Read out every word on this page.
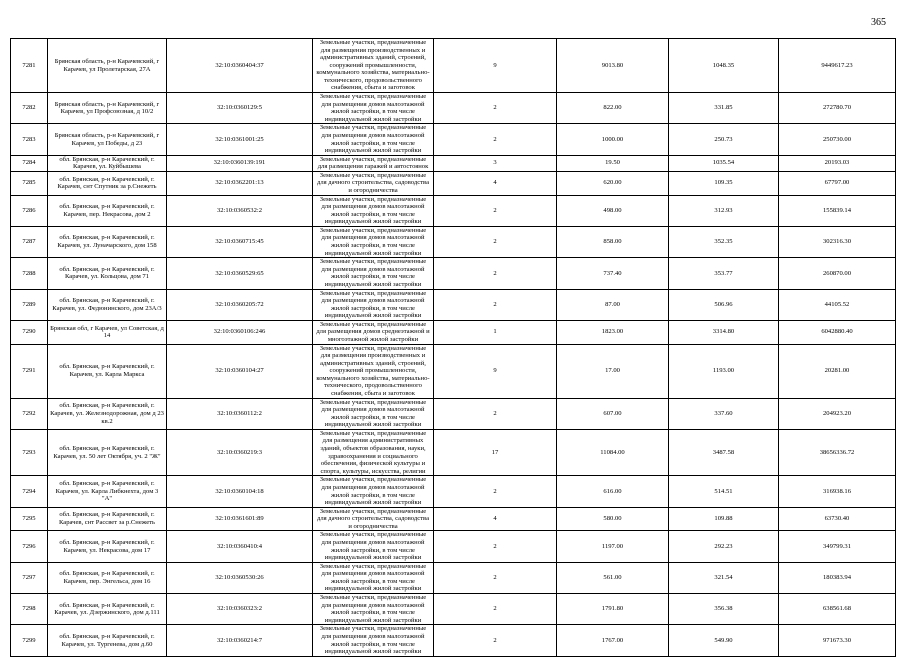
365
7281	Брянская область, р-н Карачевский, г Карачев, ул Пролетарская, 27А	32:10:0360404:37	Земельные участки, предназначенные для размещения производственных и административных зданий, строений, сооружений промышленности, коммунального хозяйства, материально-технического, продовольственного снабжения, сбыта и заготовок	9	9013.80	1048.35	9449617.23
7282	Брянская область, р-н Карачевский, г Карачев, ул Профсоюзная, д 10/2	32:10:0360129:5	Земельные участки, предназначенные для размещения домов малоэтажной жилой застройки, в том числе индивидуальной жилой застройки	2	822.00	331.85	272780.70
7283	Брянская область, р-н Карачевский, г Карачев, ул Победы, д 23	32:10:0361001:25	Земельные участки, предназначенные для размещения домов малоэтажной жилой застройки, в том числе индивидуальной жилой застройки	2	1000.00	250.73	250730.00
7284	обл. Брянская, р-н Карачевский, г. Карачев, ул. Куйбышева	32:10:0360139:191	Земельные участки, предназначенные для размещения гаражей и автостоянок	3	19.50	1035.54	20193.03
7285	обл. Брянская, р-н Карачевский, г. Карачев, снт Спутник за р.Снежеть	32:10:0362201:13	Земельные участки, предназначенные для дачного строительства, садоводства и огородничества	4	620.00	109.35	67797.00
7286	обл. Брянская, р-н Карачевский, г. Карачев, пер. Некрасова, дом 2	32:10:0360532:2	Земельные участки, предназначенные для размещения домов малоэтажной жилой застройки, в том числе индивидуальной жилой застройки	2	498.00	312.93	155839.14
7287	обл. Брянская, р-н Карачевский, г. Карачев, ул. Луначарского, дом 158	32:10:0360715:45	Земельные участки, предназначенные для размещения домов малоэтажной жилой застройки, в том числе индивидуальной жилой застройки	2	858.00	352.35	302316.30
7288	обл. Брянская, р-н Карачевский, г. Карачев, ул. Кольцова, дом 71	32:10:0360529:65	Земельные участки, предназначенные для размещения домов малоэтажной жилой застройки, в том числе индивидуальной жилой застройки	2	737.40	353.77	260870.00
7289	обл. Брянская, р-н Карачевский, г. Карачев, ул. Федюнинского, дом 23А/3	32:10:0360205:72	Земельные участки, предназначенные для размещения домов малоэтажной жилой застройки, в том числе индивидуальной жилой застройки	2	87.00	506.96	44105.52
7290	Брянская обл, г Карачев, ул Советская, д 14	32:10:0360106:246	Земельные участки, предназначенные для размещения домов среднеэтажной и многоэтажной жилой застройки	1	1823.00	3314.80	6042880.40
7291	обл. Брянская, р-н Карачевский, г. Карачев, ул. Карла Маркса	32:10:0360104:27	Земельные участки, предназначенные для размещения производственных и административных зданий, строений, сооружений промышленности, коммунального хозяйства, материально-технического, продовольственного снабжения, сбыта и заготовок	9	17.00	1193.00	20281.00
7292	обл. Брянская, р-н Карачевский, г. Карачев, ул. Железнодорожная, дом д 23 кв.2	32:10:0360112:2	Земельные участки, предназначенные для размещения домов малоэтажной жилой застройки, в том числе индивидуальной жилой застройки	2	607.00	337.60	204923.20
7293	обл. Брянская, р-н Карачевский, г. Карачев, ул. 50 лет Октября, уч. 2 "Ж"	32:10:0360219:3	Земельные участки, предназначенные для размещения административных зданий, объектов образования, науки, здравоохранения и социального обеспечения, физической культуры и спорта, культуры, искусства, религии	17	11084.00	3487.58	38656336.72
7294	обл. Брянская, р-н Карачевский, г. Карачев, ул. Карла Либкнехта, дом 3 "А"	32:10:0360104:18	Земельные участки, предназначенные для размещения домов малоэтажной жилой застройки, в том числе индивидуальной жилой застройки	2	616.00	514.51	316938.16
7295	обл. Брянская, р-н Карачевский, г. Карачев, снт Рассвет за р.Снежеть	32:10:0361601:89	Земельные участки, предназначенные для дачного строительства, садоводства и огородничества	4	580.00	109.88	63730.40
7296	обл. Брянская, р-н Карачевский, г. Карачев, ул. Некрасова, дом 17	32:10:0360410:4	Земельные участки, предназначенные для размещения домов малоэтажной жилой застройки, в том числе индивидуальной жилой застройки	2	1197.00	292.23	349799.31
7297	обл. Брянская, р-н Карачевский, г. Карачев, пер. Энгельса, дом 16	32:10:0360530:26	Земельные участки, предназначенные для размещения домов малоэтажной жилой застройки, в том числе индивидуальной жилой застройки	2	561.00	321.54	180383.94
7298	обл. Брянская, р-н Карачевский, г. Карачев, ул. Дзержинского, дом д.111	32:10:0360323:2	Земельные участки, предназначенные для размещения домов малоэтажной жилой застройки, в том числе индивидуальной жилой застройки	2	1791.80	356.38	638561.68
7299	обл. Брянская, р-н Карачевский, г. Карачев, ул. Тургенева, дом д.60	32:10:0360214:7	Земельные участки, предназначенные для размещения домов малоэтажной жилой застройки, в том числе индивидуальной жилой застройки	2	1767.00	549.90	971673.30
